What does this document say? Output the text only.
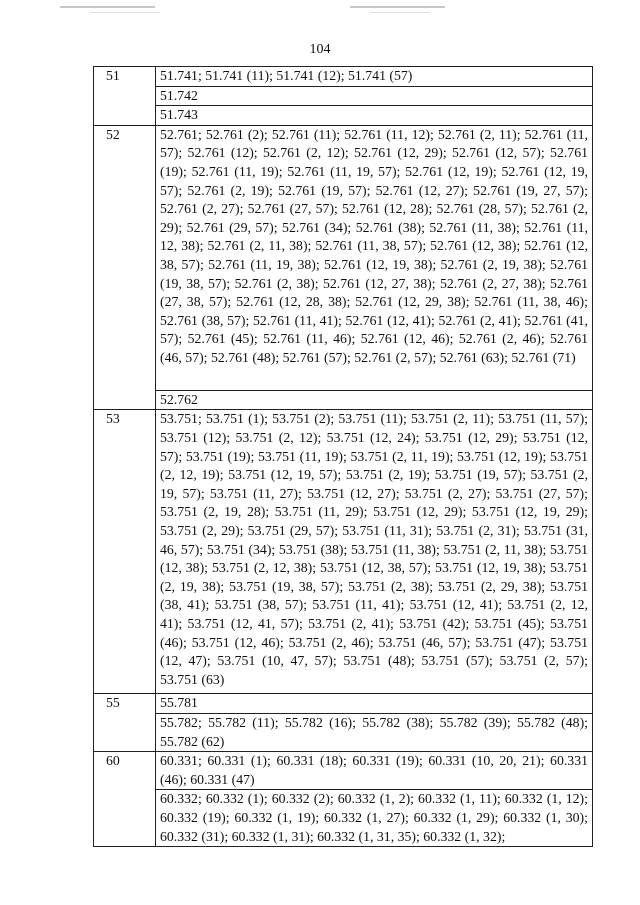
104
51	51.741; 51.741 (11); 51.741 (12); 51.741 (57)
	51.742
	51.743
52	52.761; 52.761 (2); 52.761 (11); 52.761 (11, 12); 52.761 (2, 11); 52.761 (11, 57); 52.761 (12); 52.761 (2, 12); 52.761 (12, 29); 52.761 (12, 57); 52.761 (19); 52.761 (11, 19); 52.761 (11, 19, 57); 52.761 (12, 19); 52.761 (12, 19, 57); 52.761 (2, 19); 52.761 (19, 57); 52.761 (12, 27); 52.761 (19, 27, 57); 52.761 (2, 27); 52.761 (27, 57); 52.761 (12, 28); 52.761 (28, 57); 52.761 (2, 29); 52.761 (29, 57); 52.761 (34); 52.761 (38); 52.761 (11, 38); 52.761 (11, 12, 38); 52.761 (2, 11, 38); 52.761 (11, 38, 57); 52.761 (12, 38); 52.761 (12, 38, 57); 52.761 (11, 19, 38); 52.761 (12, 19, 38); 52.761 (2, 19, 38); 52.761 (19, 38, 57); 52.761 (2, 38); 52.761 (12, 27, 38); 52.761 (2, 27, 38); 52.761 (27, 38, 57); 52.761 (12, 28, 38); 52.761 (12, 29, 38); 52.761 (11, 38, 46); 52.761 (38, 57); 52.761 (11, 41); 52.761 (12, 41); 52.761 (2, 41); 52.761 (41, 57); 52.761 (45); 52.761 (11, 46); 52.761 (12, 46); 52.761 (2, 46); 52.761 (46, 57); 52.761 (48); 52.761 (57); 52.761 (2, 57); 52.761 (63); 52.761 (71)
	52.762
53	53.751; 53.751 (1); 53.751 (2); 53.751 (11); 53.751 (2, 11); 53.751 (11, 57); 53.751 (12); 53.751 (2, 12); 53.751 (12, 24); 53.751 (12, 29); 53.751 (12, 57); 53.751 (19); 53.751 (11, 19); 53.751 (2, 11, 19); 53.751 (12, 19); 53.751 (2, 12, 19); 53.751 (12, 19, 57); 53.751 (2, 19); 53.751 (19, 57); 53.751 (2, 19, 57); 53.751 (11, 27); 53.751 (12, 27); 53.751 (2, 27); 53.751 (27, 57); 53.751 (2, 19, 28); 53.751 (11, 29); 53.751 (12, 29); 53.751 (12, 19, 29); 53.751 (2, 29); 53.751 (29, 57); 53.751 (11, 31); 53.751 (2, 31); 53.751 (31, 46, 57); 53.751 (34); 53.751 (38); 53.751 (11, 38); 53.751 (2, 11, 38); 53.751 (12, 38); 53.751 (2, 12, 38); 53.751 (12, 38, 57); 53.751 (12, 19, 38); 53.751 (2, 19, 38); 53.751 (19, 38, 57); 53.751 (2, 38); 53.751 (2, 29, 38); 53.751 (38, 41); 53.751 (38, 57); 53.751 (11, 41); 53.751 (12, 41); 53.751 (2, 12, 41); 53.751 (12, 41, 57); 53.751 (2, 41); 53.751 (42); 53.751 (45); 53.751 (46); 53.751 (12, 46); 53.751 (2, 46); 53.751 (46, 57); 53.751 (47); 53.751 (12, 47); 53.751 (10, 47, 57); 53.751 (48); 53.751 (57); 53.751 (2, 57); 53.751 (63)
55	55.781
	55.782; 55.782 (11); 55.782 (16); 55.782 (38); 55.782 (39); 55.782 (48); 55.782 (62)
60	60.331; 60.331 (1); 60.331 (18); 60.331 (19); 60.331 (10, 20, 21); 60.331 (46); 60.331 (47)
	60.332; 60.332 (1); 60.332 (2); 60.332 (1, 2); 60.332 (1, 11); 60.332 (1, 12); 60.332 (19); 60.332 (1, 19); 60.332 (1, 27); 60.332 (1, 29); 60.332 (1, 30); 60.332 (31); 60.332 (1, 31); 60.332 (1, 31, 35); 60.332 (1, 32);
